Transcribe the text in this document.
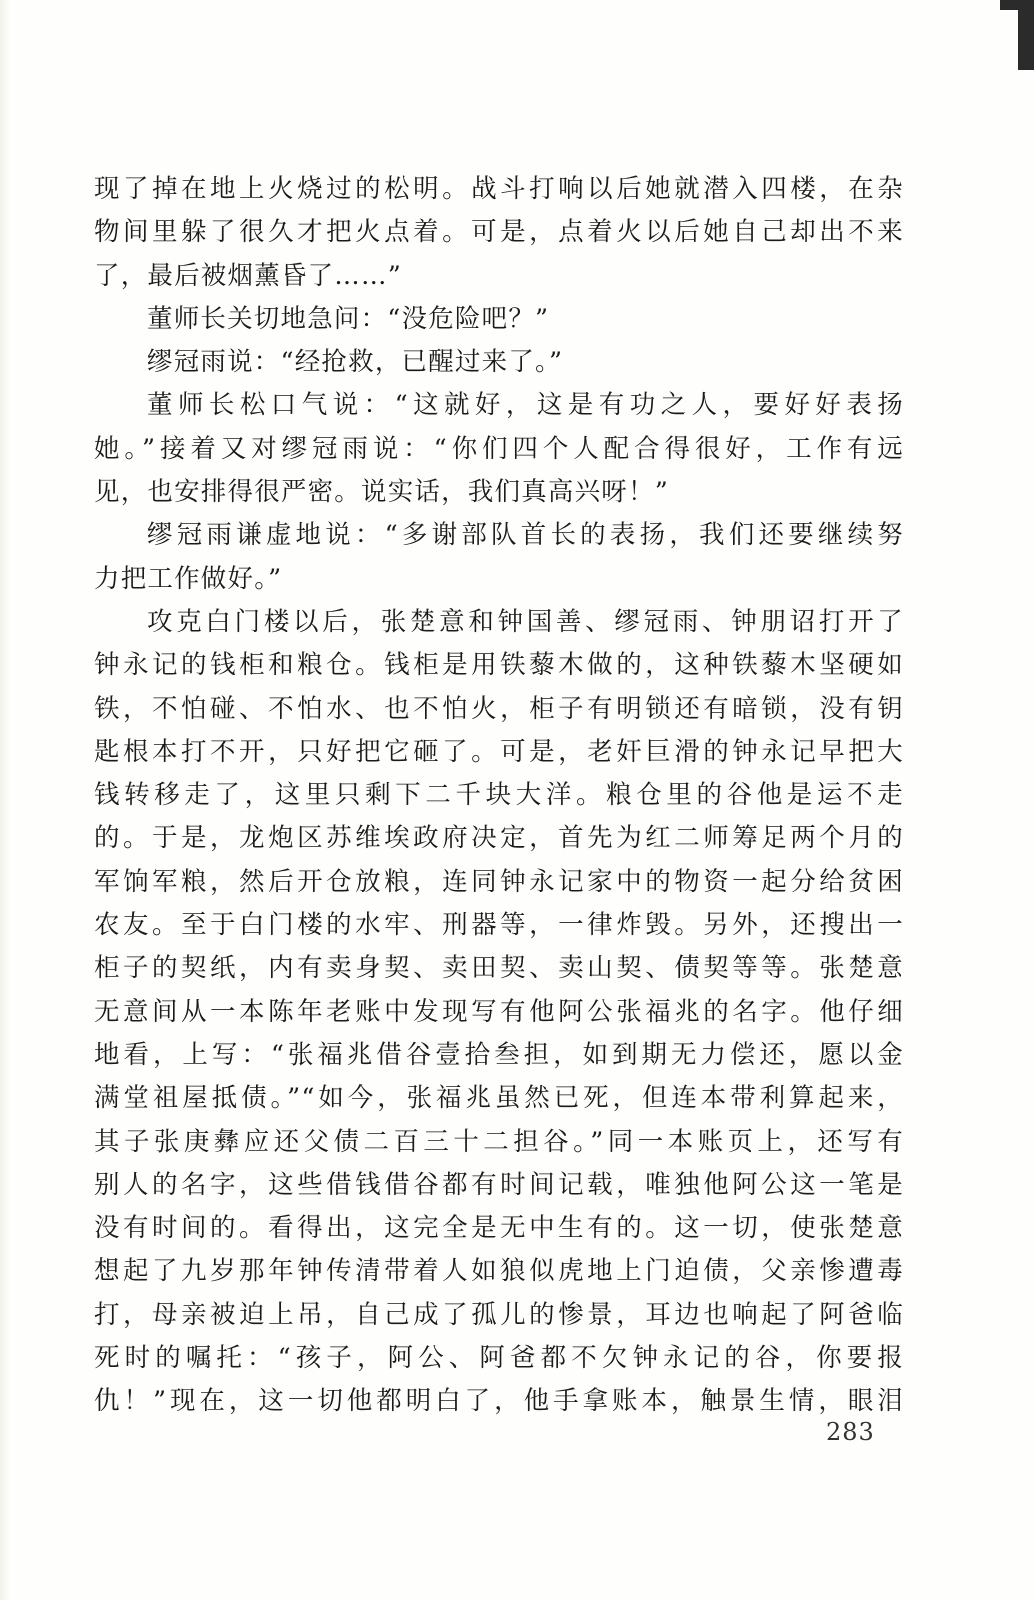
现了掉在地上火烧过的松明。战斗打响以后她就潜入四楼，在杂
物间里躲了很久才把火点着。可是，点着火以后她自己却出不来
了，最后被烟薰昏了……”
董师长关切地急问：“没危险吧？”
缪冠雨说：“经抢救，已醒过来了。”
董师长松口气说：“这就好，这是有功之人，要好好表扬
她。”接着又对缪冠雨说：“你们四个人配合得很好，工作有远
见，也安排得很严密。说实话，我们真高兴呀！”
缪冠雨谦虚地说：“多谢部队首长的表扬，我们还要继续努
力把工作做好。”
攻克白门楼以后，张楚意和钟国善、缪冠雨、钟朋诏打开了
钟永记的钱柜和粮仓。钱柜是用铁藜木做的，这种铁藜木坚硬如
铁，不怕碰、不怕水、也不怕火，柜子有明锁还有暗锁，没有钥
匙根本打不开，只好把它砸了。可是，老奸巨滑的钟永记早把大
钱转移走了，这里只剩下二千块大洋。粮仓里的谷他是运不走
的。于是，龙炮区苏维埃政府决定，首先为红二师筹足两个月的
军饷军粮，然后开仓放粮，连同钟永记家中的物资一起分给贫困
农友。至于白门楼的水牢、刑器等，一律炸毁。另外，还搜出一
柜子的契纸，内有卖身契、卖田契、卖山契、债契等等。张楚意
无意间从一本陈年老账中发现写有他阿公张福兆的名字。他仔细
地看，上写：“张福兆借谷壹拾叁担，如到期无力偿还，愿以金
满堂祖屋抵债。”“如今，张福兆虽然已死，但连本带利算起来，
其子张庚彝应还父债二百三十二担谷。”同一本账页上，还写有
别人的名字，这些借钱借谷都有时间记载，唯独他阿公这一笔是
没有时间的。看得出，这完全是无中生有的。这一切，使张楚意
想起了九岁那年钟传清带着人如狼似虎地上门迫债，父亲惨遭毒
打，母亲被迫上吊，自己成了孤儿的惨景，耳边也响起了阿爸临
死时的嘱托：“孩子，阿公、阿爸都不欠钟永记的谷，你要报
仇！”现在，这一切他都明白了，他手拿账本，触景生情，眼泪
283
